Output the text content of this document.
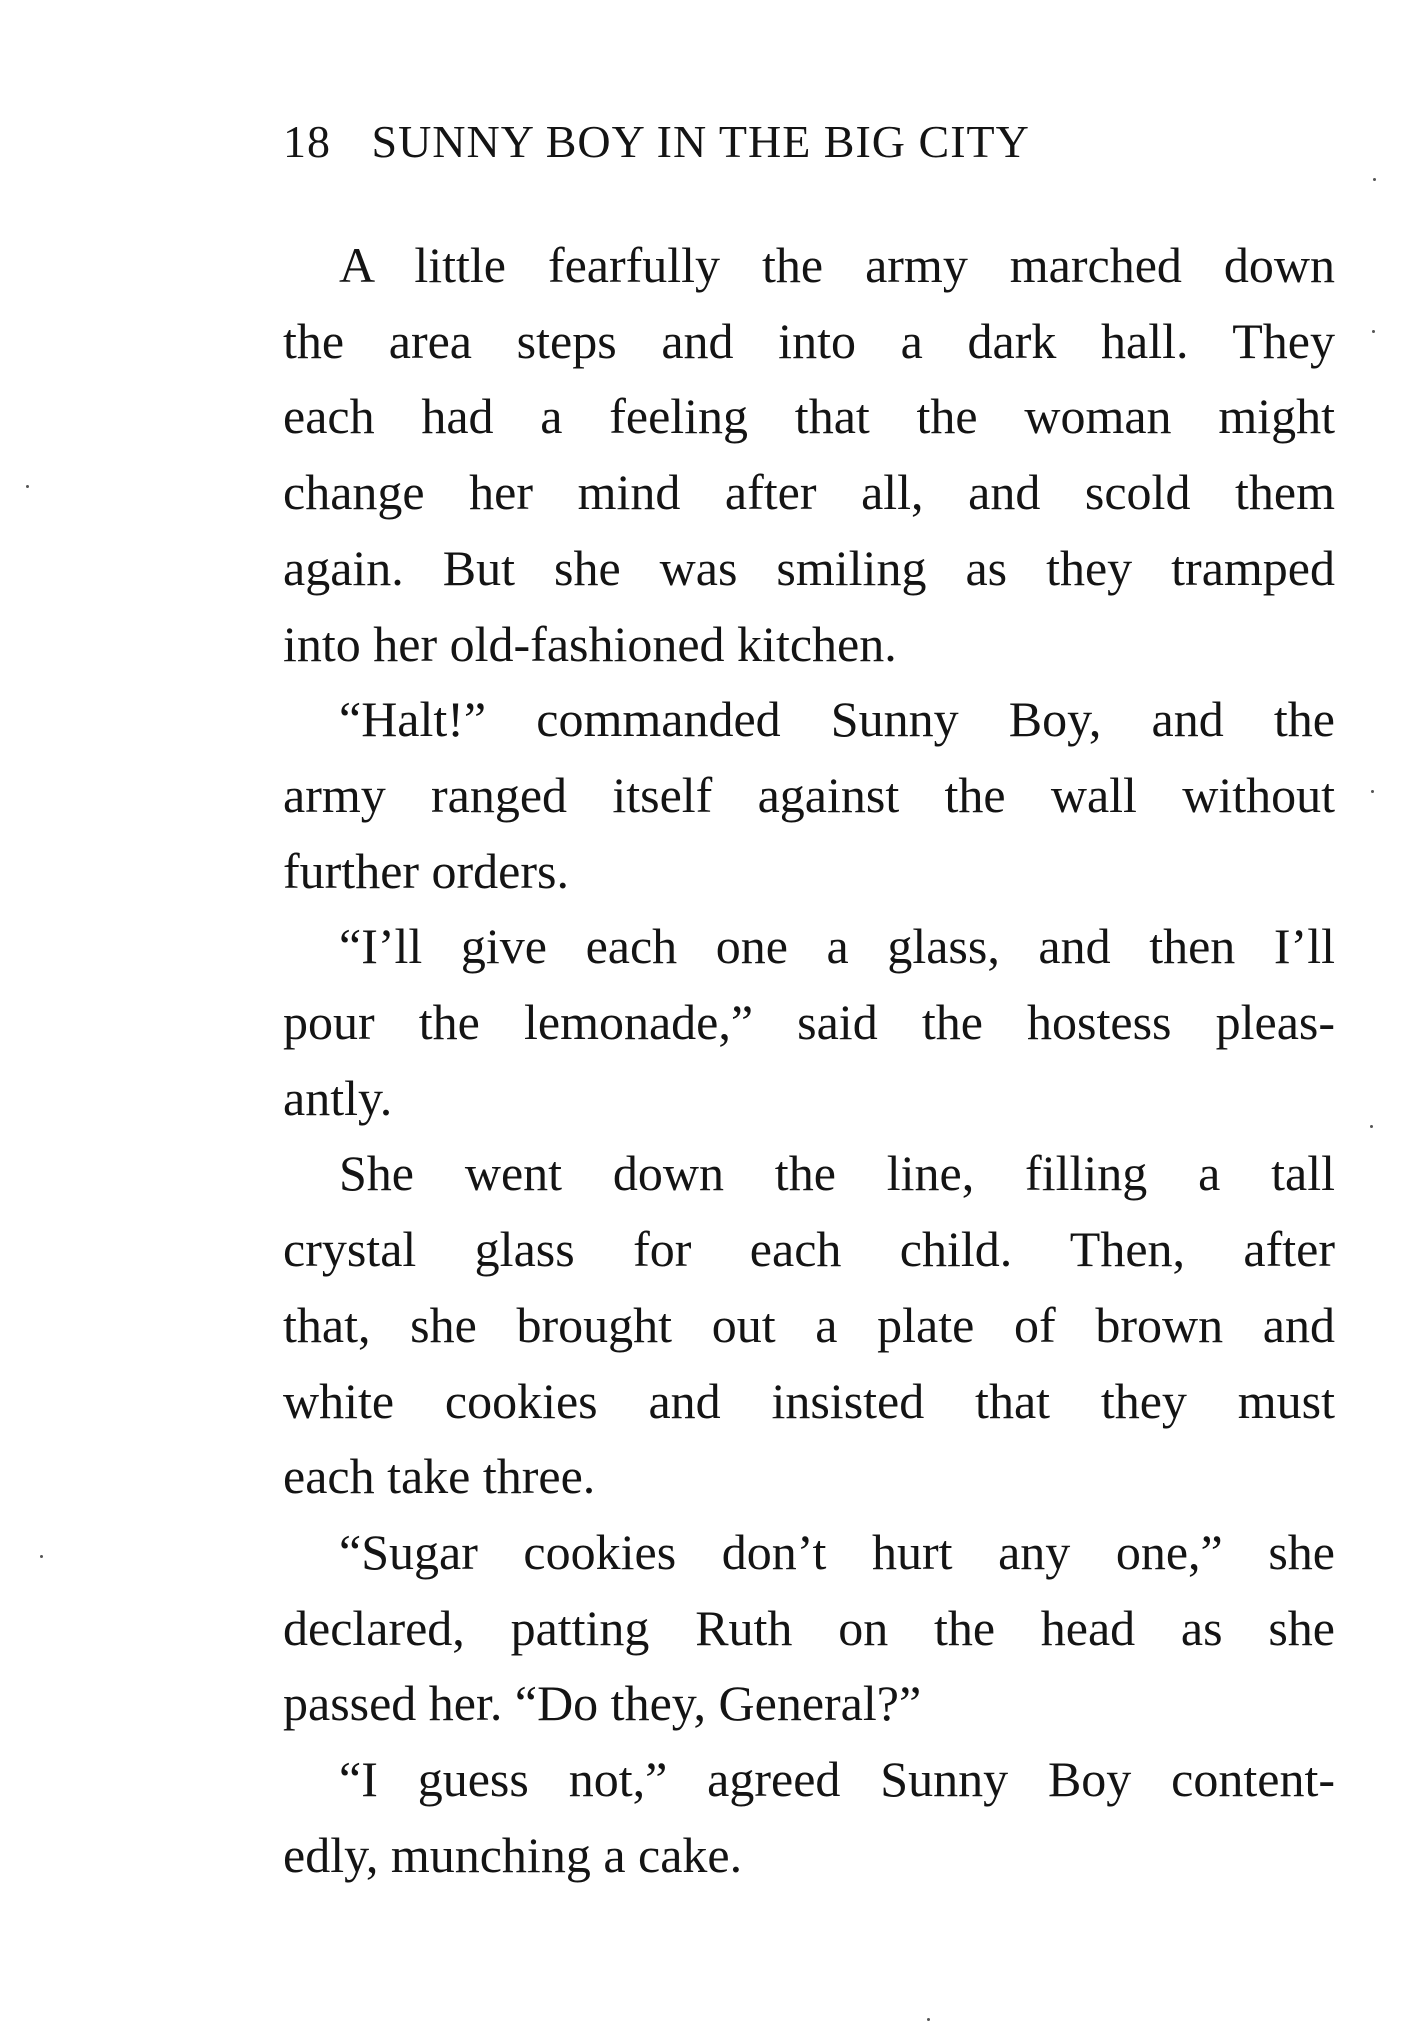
18 SUNNY BOY IN THE BIG CITY
A little fearfully the army marched down
the area steps and into a dark hall. They
each had a feeling that the woman might
change her mind after all, and scold them
again. But she was smiling as they tramped
into her old-fashioned kitchen.
“Halt!” commanded Sunny Boy, and the
army ranged itself against the wall without
further orders.
“I’ll give each one a glass, and then I’ll
pour the lemonade,” said the hostess pleas-
antly.
She went down the line, filling a tall
crystal glass for each child. Then, after
that, she brought out a plate of brown and
white cookies and insisted that they must
each take three.
“Sugar cookies don’t hurt any one,” she
declared, patting Ruth on the head as she
passed her. “Do they, General?”
“I guess not,” agreed Sunny Boy content-
edly, munching a cake.
